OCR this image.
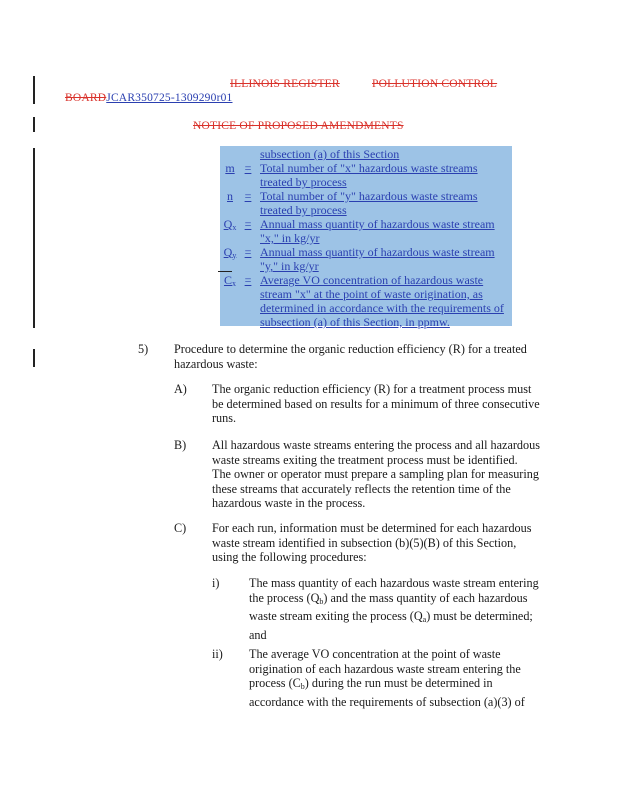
ILLINOIS REGISTER	POLLUTION CONTROL
BOARDJCAR350725-1309290r01
NOTICE OF PROPOSED AMENDMENTS
subsection (a) of this Section
m = Total number of "x" hazardous waste streams
treated by process
n = Total number of "y" hazardous waste streams
treated by process
$Q_x$ = Annual mass quantity of hazardous waste stream
"x," in kg/yr
$Q_y$ = Annual mass quantity of hazardous waste stream
"y," in kg/yr
$C_x$ = Average VO concentration of hazardous waste
stream "x" at the point of waste origination, as
determined in accordance with the requirements of
subsection (a) of this Section, in ppmw.
5) Procedure to determine the organic reduction efficiency (R) for a treated
hazardous waste:
A) The organic reduction efficiency (R) for a treatment process must
be determined based on results for a minimum of three consecutive
runs.
B) All hazardous waste streams entering the process and all hazardous
waste streams exiting the treatment process must be identified.
The owner or operator must prepare a sampling plan for measuring
these streams that accurately reflects the retention time of the
hazardous waste in the process.
C) For each run, information must be determined for each hazardous
waste stream identified in subsection (b)(5)(B) of this Section,
using the following procedures:
i) The mass quantity of each hazardous waste stream entering
the process $(Q_b)$ and the mass quantity of each hazardous
waste stream exiting the process $(Q_a)$ must be determined;
and
ii) The average VO concentration at the point of waste
origination of each hazardous waste stream entering the
process $(C_b)$ during the run must be determined in
accordance with the requirements of subsection (a)(3) of
